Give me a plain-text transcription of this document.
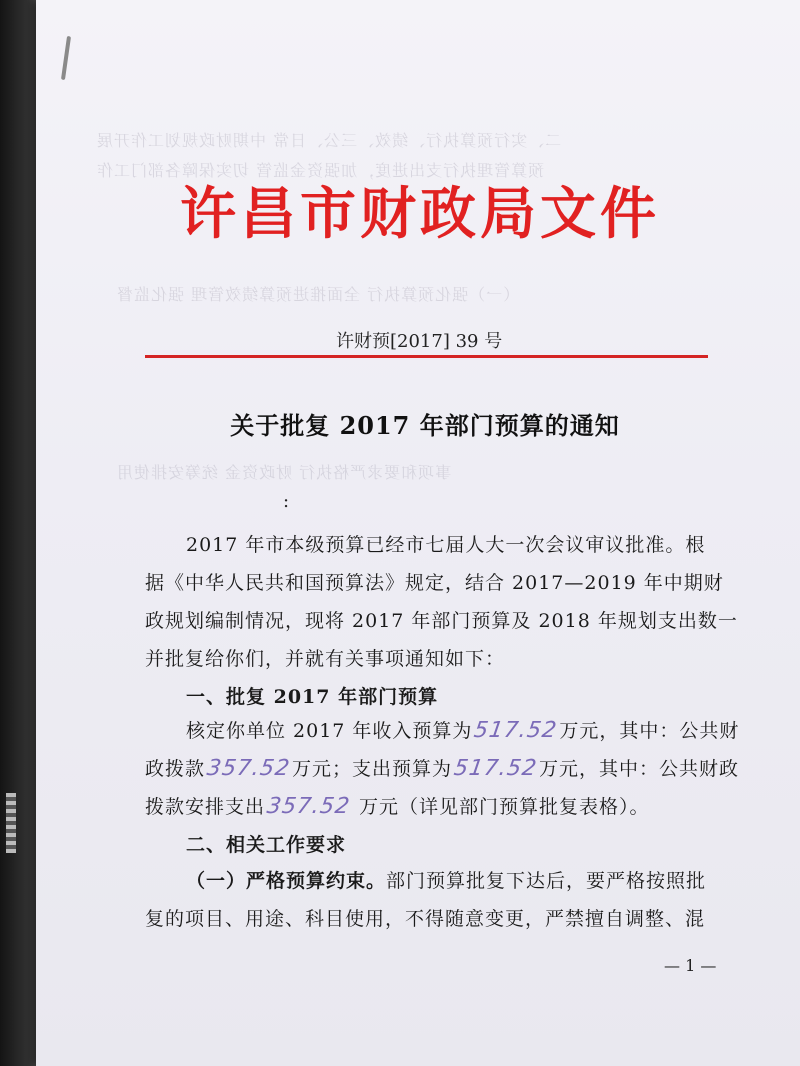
二、实行预算执行、绩效、三公、日常 中期财政规划工作开展
预算管理执行支出进度，加强资金监管 切实保障各部门工作
（一）强化预算执行 全面推进预算绩效管理 强化监督
事项和要求严格执行 财政资金 统筹安排使用
许昌市财政局文件
许财预[2017] 39 号
关于批复 2017 年部门预算的通知
:
2017 年市本级预算已经市七届人大一次会议审议批准。根
据《中华人民共和国预算法》规定，结合 2017—2019 年中期财
政规划编制情况，现将 2017 年部门预算及 2018 年规划支出数一
并批复给你们，并就有关事项通知如下：
一、批复 2017 年部门预算
核定你单位 2017 年收入预算为517.52万元，其中：公共财
政拨款357.52万元；支出预算为517.52万元，其中：公共财政
拨款安排支出357.52 万元（详见部门预算批复表格）。
二、相关工作要求
（一）严格预算约束。部门预算批复下达后，要严格按照批
复的项目、用途、科目使用，不得随意变更，严禁擅自调整、混
— 1 —
